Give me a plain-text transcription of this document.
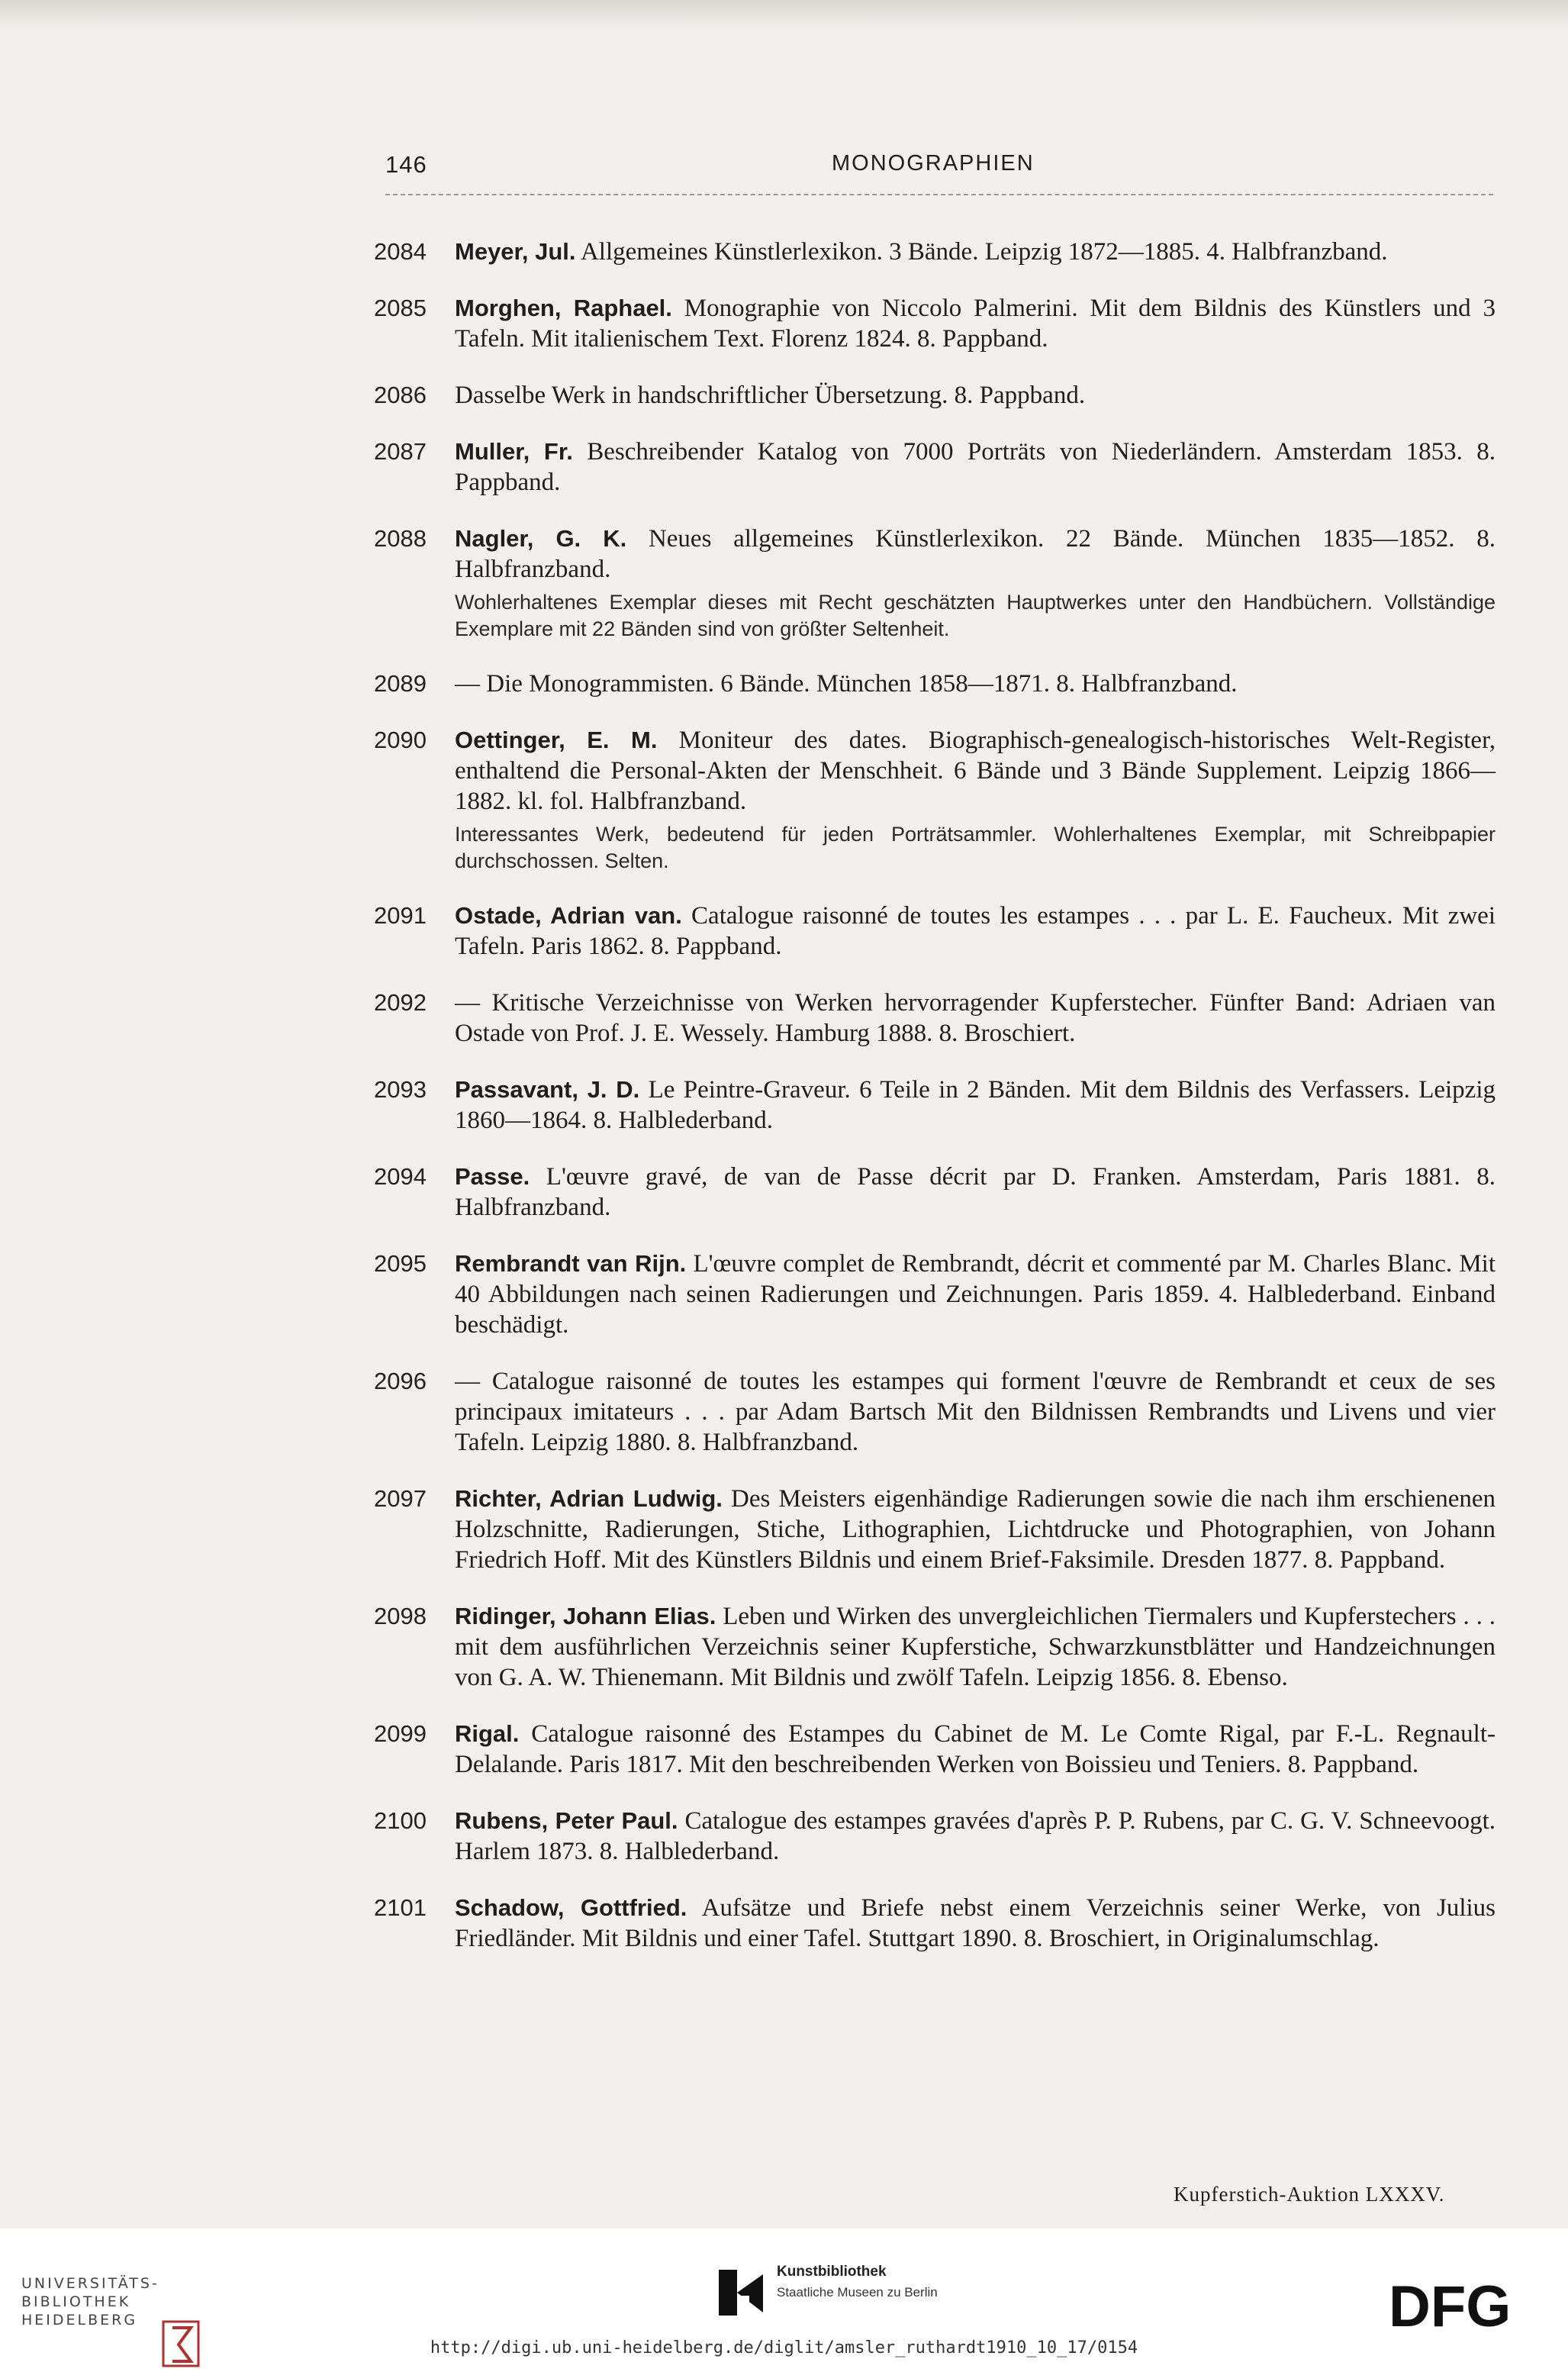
146	MONOGRAPHIEN
2084	Meyer, Jul. Allgemeines Künstlerlexikon. 3 Bände. Leipzig 1872—1885. 4. Halbfranzband.
2085	Morghen, Raphael. Monographie von Niccolo Palmerini. Mit dem Bildnis des Künstlers und 3 Tafeln. Mit italienischem Text. Florenz 1824. 8. Pappband.
2086	Dasselbe Werk in handschriftlicher Übersetzung. 8. Pappband.
2087	Muller, Fr. Beschreibender Katalog von 7000 Porträts von Niederländern. Amsterdam 1853. 8. Pappband.
2088	Nagler, G. K. Neues allgemeines Künstlerlexikon. 22 Bände. München 1835—1852. 8. Halbfranzband.
Wohlerhaltenes Exemplar dieses mit Recht geschätzten Hauptwerkes unter den Handbüchern. Vollständige Exemplare mit 22 Bänden sind von größter Seltenheit.
2089	— Die Monogrammisten. 6 Bände. München 1858—1871. 8. Halbfranzband.
2090	Oettinger, E. M. Moniteur des dates. Biographisch-genealogisch-historisches Welt-Register, enthaltend die Personal-Akten der Menschheit. 6 Bände und 3 Bände Supplement. Leipzig 1866—1882. kl. fol. Halbfranzband.
Interessantes Werk, bedeutend für jeden Porträtsammler. Wohlerhaltenes Exemplar, mit Schreibpapier durchschossen. Selten.
2091	Ostade, Adrian van. Catalogue raisonné de toutes les estampes . . . par L. E. Faucheux. Mit zwei Tafeln. Paris 1862. 8. Pappband.
2092	— Kritische Verzeichnisse von Werken hervorragender Kupferstecher. Fünfter Band: Adriaen van Ostade von Prof. J. E. Wessely. Hamburg 1888. 8. Broschiert.
2093	Passavant, J. D. Le Peintre-Graveur. 6 Teile in 2 Bänden. Mit dem Bildnis des Verfassers. Leipzig 1860—1864. 8. Halblederband.
2094	Passe. L'œuvre gravé, de van de Passe décrit par D. Franken. Amsterdam, Paris 1881. 8. Halbfranzband.
2095	Rembrandt van Rijn. L'œuvre complet de Rembrandt, décrit et commenté par M. Charles Blanc. Mit 40 Abbildungen nach seinen Radierungen und Zeichnungen. Paris 1859. 4. Halblederband. Einband beschädigt.
2096	— Catalogue raisonné de toutes les estampes qui forment l'œuvre de Rembrandt et ceux de ses principaux imitateurs . . . par Adam Bartsch Mit den Bildnissen Rembrandts und Livens und vier Tafeln. Leipzig 1880. 8. Halbfranzband.
2097	Richter, Adrian Ludwig. Des Meisters eigenhändige Radierungen sowie die nach ihm erschienenen Holzschnitte, Radierungen, Stiche, Lithographien, Lichtdrucke und Photographien, von Johann Friedrich Hoff. Mit des Künstlers Bildnis und einem Brief-Faksimile. Dresden 1877. 8. Pappband.
2098	Ridinger, Johann Elias. Leben und Wirken des unvergleichlichen Tiermalers und Kupferstechers . . . mit dem ausführlichen Verzeichnis seiner Kupferstiche, Schwarzkunstblätter und Handzeichnungen von G. A. W. Thienemann. Mit Bildnis und zwölf Tafeln. Leipzig 1856. 8. Ebenso.
2099	Rigal. Catalogue raisonné des Estampes du Cabinet de M. Le Comte Rigal, par F.-L. Regnault-Delalande. Paris 1817. Mit den beschreibenden Werken von Boissieu und Teniers. 8. Pappband.
2100	Rubens, Peter Paul. Catalogue des estampes gravées d'après P. P. Rubens, par C. G. V. Schneevoogt. Harlem 1873. 8. Halblederband.
2101	Schadow, Gottfried. Aufsätze und Briefe nebst einem Verzeichnis seiner Werke, von Julius Friedländer. Mit Bildnis und einer Tafel. Stuttgart 1890. 8. Broschiert, in Originalumschlag.
Kupferstich-Auktion LXXXV.
UNIVERSITÄTS-
BIBLIOTHEK
HEIDELBERG
Kunstbibliothek
Staatliche Museen zu Berlin	DFG
http://digi.ub.uni-heidelberg.de/diglit/amsler_ruthardt1910_10_17/0154
